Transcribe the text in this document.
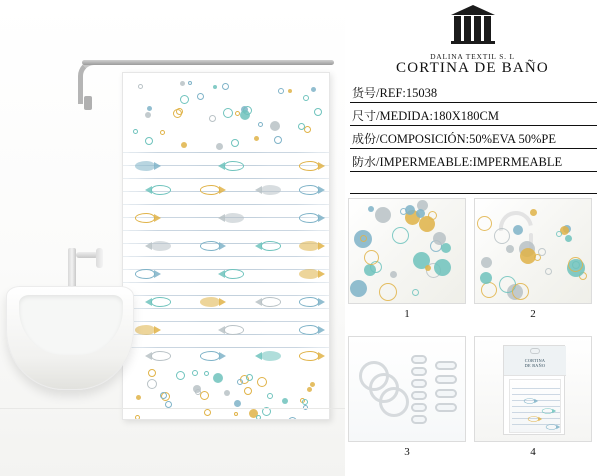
DALINA TEXTIL S. L
CORTINA DE BAÑO
货号/REF:15038
尺寸/MEDIDA:180X180CM
成份/COMPOSICIÓN:50%EVA 50%PE
防水/IMPERMEABLE:IMPERMEABLE
1	2
3
CORTINA
DE BAÑO
4
